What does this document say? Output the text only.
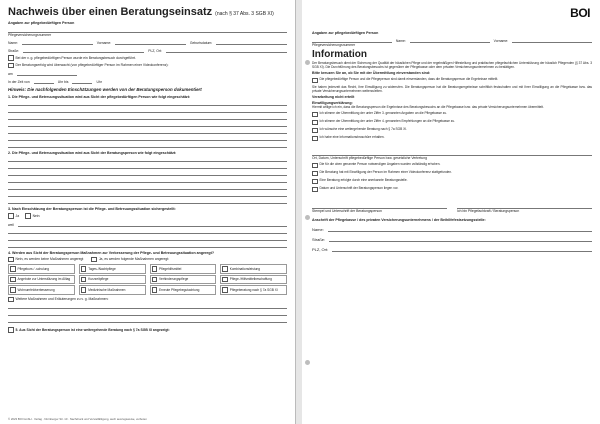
Nachweis über einen Beratungseinsatz (nach § 37 Abs. 3 SGB XI)
Angaben zur pflegebedürftigen Person
Pflegeversicherungsnummer
Name:	Vorname:	Geburtsdatum:
Straße:	PLZ, Ort:
Bei der v. g. pflegebedürftigen Person wurde ein Beratungsbesuch durchgeführt.
Der Beratungserfolg wird überwacht (von pflegebedürftiger Person im Rahmen einer Videokonferenz):
am
In der Zeit von	Uhr bis	Uhr
Hinweis: Die nachfolgenden Einschätzungen werden von der Beratungsperson dokumentiert
1. Die Pflege- und Betreuungssituation wird aus Sicht der pflegebedürftigen Person wie folgt eingeschätzt:
2. Die Pflege- und Betreuungssituation wird aus Sicht der Beratungsperson wie folgt eingeschätzt:
3. Nach Einschätzung der Beratungsperson ist die Pflege- und Betreuungssituation sichergestellt:
Ja	Nein
weil
4. Werden aus Sicht der Beratungsperson Maßnahmen zur Verbesserung der Pflege- und Betreuungssituation angeregt?
Nein, es werden keine Maßnahmen angeregt	Ja, es werden folgende Maßnahmen angeregt:
Pflegekurs / -schulung	Tages-/Nachtpflege	Pflegehilfsmittel	Kombinationsleistung
Angebote zur Unterstützung im Alltag	Kurzzeitpflege	Verhinderungspflege	Pflege-/Hilfsmittelbeschaffung
Wohnumfeldverbesserung	Medizinische Maßnahmen	Erneute Pflegebegutachtung	Pflegeberatung nach § 7a SGB XI
Weitere Maßnahmen und Erläuterungen zu v. g. Maßnahmen:
5. Aus Sicht der Beratungsperson ist eine weitergehende Beratung nach § 7a SGB XI angezeigt:
© 2023 BOI GmbH · Verlag · Nürnberger Str. 10 · Nachdruck und Vervielfältigung, auch auszugsweise, verboten
BOI
Angaben zur pflegebedürftigen Person
Name:	Vorname:
Pflegeversicherungsnummer
Information
Der Beratungsbesuch dient der Sicherung der Qualität der häuslichen Pflege und der regelmäßigen Hilfestellung und praktischen pflegefachlichen Unterstützung der häuslich Pflegenden (§ 37 Abs. 3 SGB XI). Die Durchführung des Beratungsbesuchs ist gegenüber der Pflegekasse oder dem privaten Versicherungsunternehmen zu bestätigen.
Bitte kreuzen Sie an, ob Sie mit der Übermittlung einverstanden sind:
Die pflegebedürftige Person und die Pflegeperson sind damit einverstanden, dass die Beratungsperson die Ergebnisse mitteilt.
Sie haben jederzeit das Recht, Ihre Einwilligung zu widerrufen. Die Beratungsperson hat die Beratungsergebnisse schriftlich festzuhalten und mit Ihrer Einwilligung an die Pflegekasse bzw. das private Versicherungsunternehmen weiterzuleiten.
Verarbeitung nicht erteilt
Einwilligungserklärung:
Hiermit willige ich ein, dass die Beratungsperson die Ergebnisse des Beratungsbesuchs an die Pflegekasse bzw. das private Versicherungsunternehmen übermittelt.
Ich stimme der Übermittlung der unter Ziffer 3. genannten Angaben an die Pflegekasse zu.
Ich stimme der Übermittlung der unter Ziffer 4. genannten Empfehlungen an die Pflegekasse zu.
Ich wünsche eine weitergehende Beratung nach § 7a SGB XI.
Ich habe eine Informationsbroschüre erhalten.
Ort, Datum, Unterschrift pflegebedürftige Person bzw. gesetzliche Vertretung
Die für die oben genannte Person notwendigen Angaben wurden vollständig erhoben.
Die Beratung hat mit Einwilligung der Person im Rahmen einer Videokonferenz stattgefunden.
Eine Beratung erfolgte durch eine anerkannte Beratungsstelle.
Datum und Unterschrift der Beratungsperson liegen vor.
Stempel und Unterschrift der Beratungsperson	Ich bin Pflegefachkraft / Beratungsperson
Anschrift der Pflegekasse / des privaten Versicherungsunternehmens / der Beihilfefestsetzungsstelle:
Name:
Straße:
PLZ, Ort:
